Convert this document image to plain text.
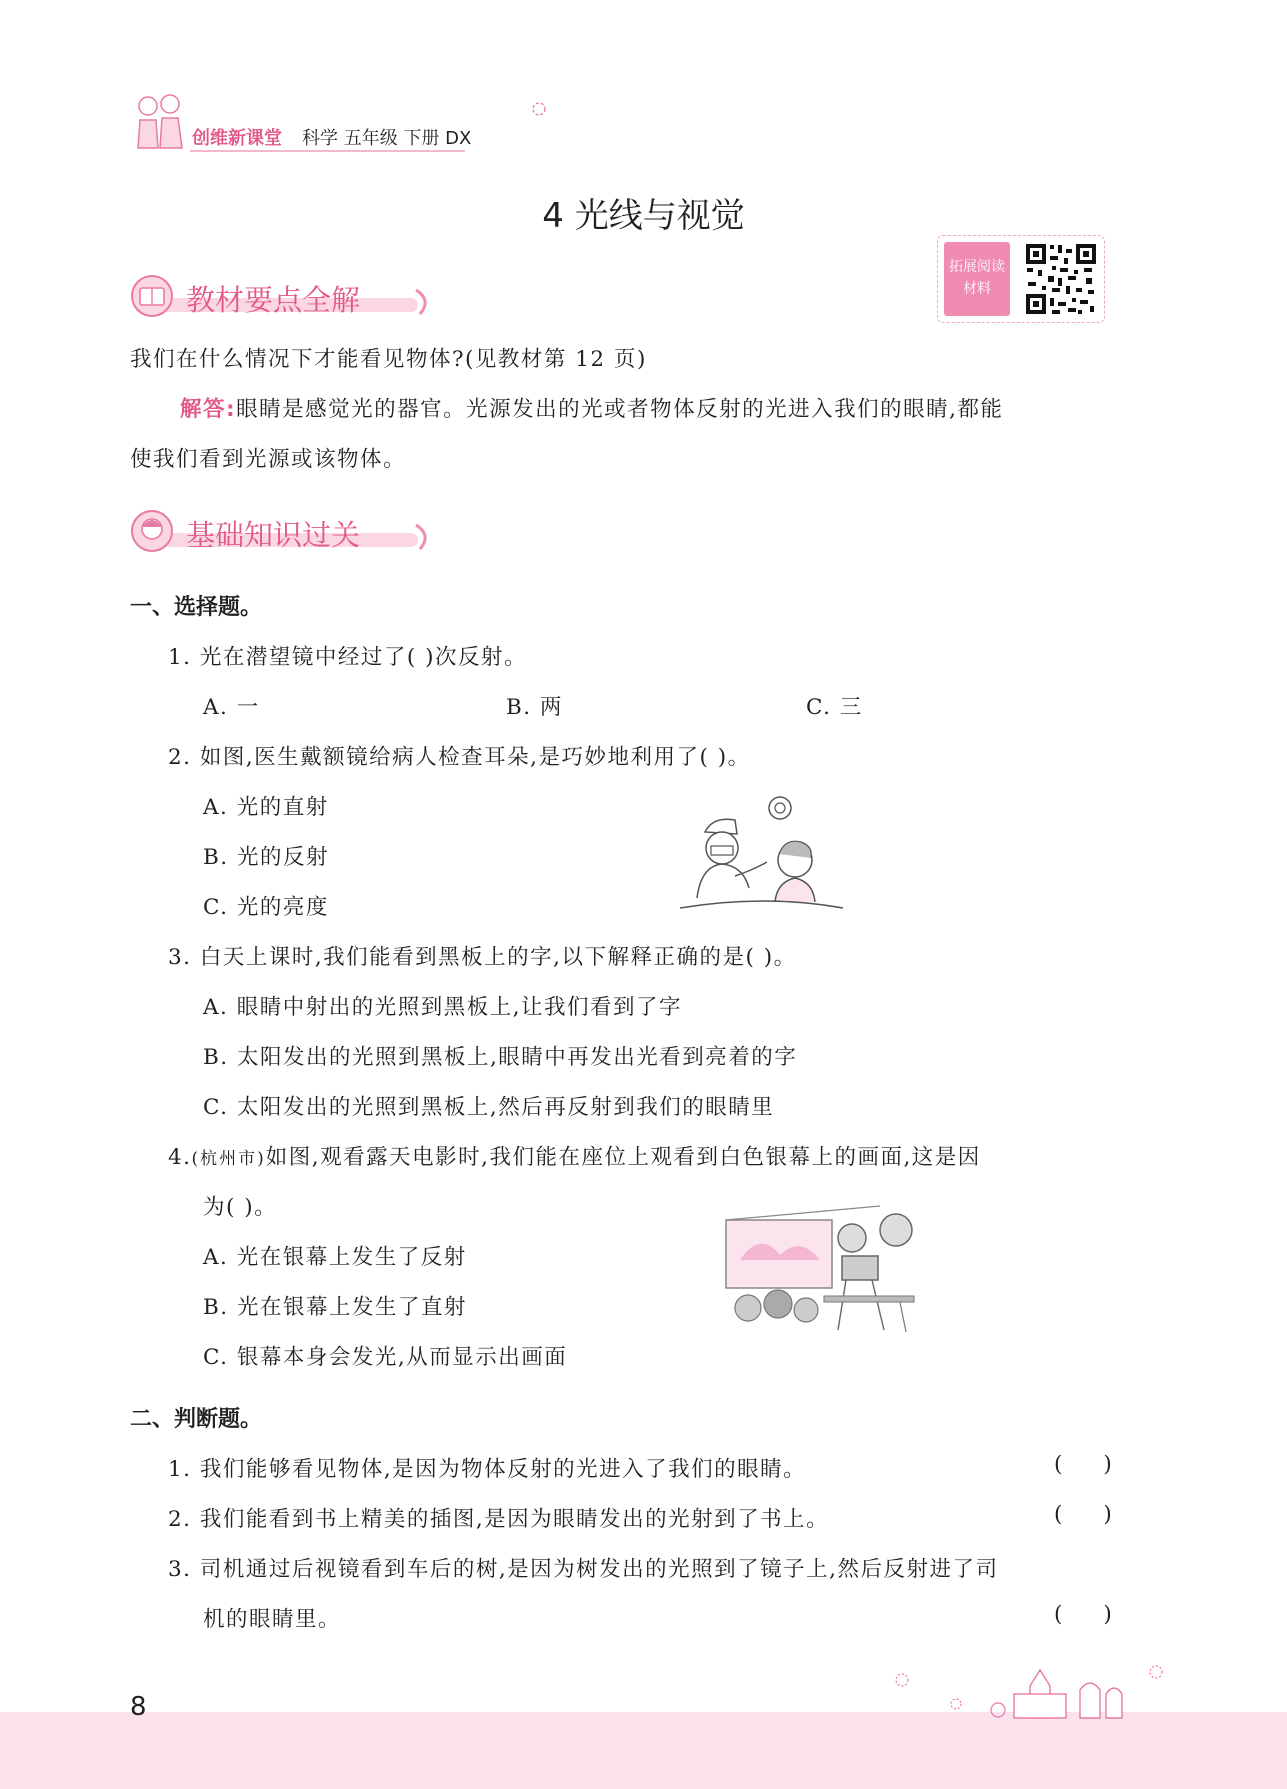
创维新课堂 科学 五年级 下册 DX
4 光线与视觉
拓展阅读材料
教材要点全解
我们在什么情况下才能看见物体?(见教材第 12 页)
解答:眼睛是感觉光的器官。光源发出的光或者物体反射的光进入我们的眼睛,都能
使我们看到光源或该物体。
基础知识过关
一、选择题。
1. 光在潜望镜中经过了( )次反射。
A. 一	B. 两	C. 三
2. 如图,医生戴额镜给病人检查耳朵,是巧妙地利用了( )。
A. 光的直射
B. 光的反射
C. 光的亮度
3. 白天上课时,我们能看到黑板上的字,以下解释正确的是( )。
A. 眼睛中射出的光照到黑板上,让我们看到了字
B. 太阳发出的光照到黑板上,眼睛中再发出光看到亮着的字
C. 太阳发出的光照到黑板上,然后再反射到我们的眼睛里
4.(杭州市)如图,观看露天电影时,我们能在座位上观看到白色银幕上的画面,这是因
为( )。
A. 光在银幕上发生了反射
B. 光在银幕上发生了直射
C. 银幕本身会发光,从而显示出画面
二、判断题。
1. 我们能够看见物体,是因为物体反射的光进入了我们的眼睛。	(      )
2. 我们能看到书上精美的插图,是因为眼睛发出的光射到了书上。	(      )
3. 司机通过后视镜看到车后的树,是因为树发出的光照到了镜子上,然后反射进了司
机的眼睛里。	(      )
8
